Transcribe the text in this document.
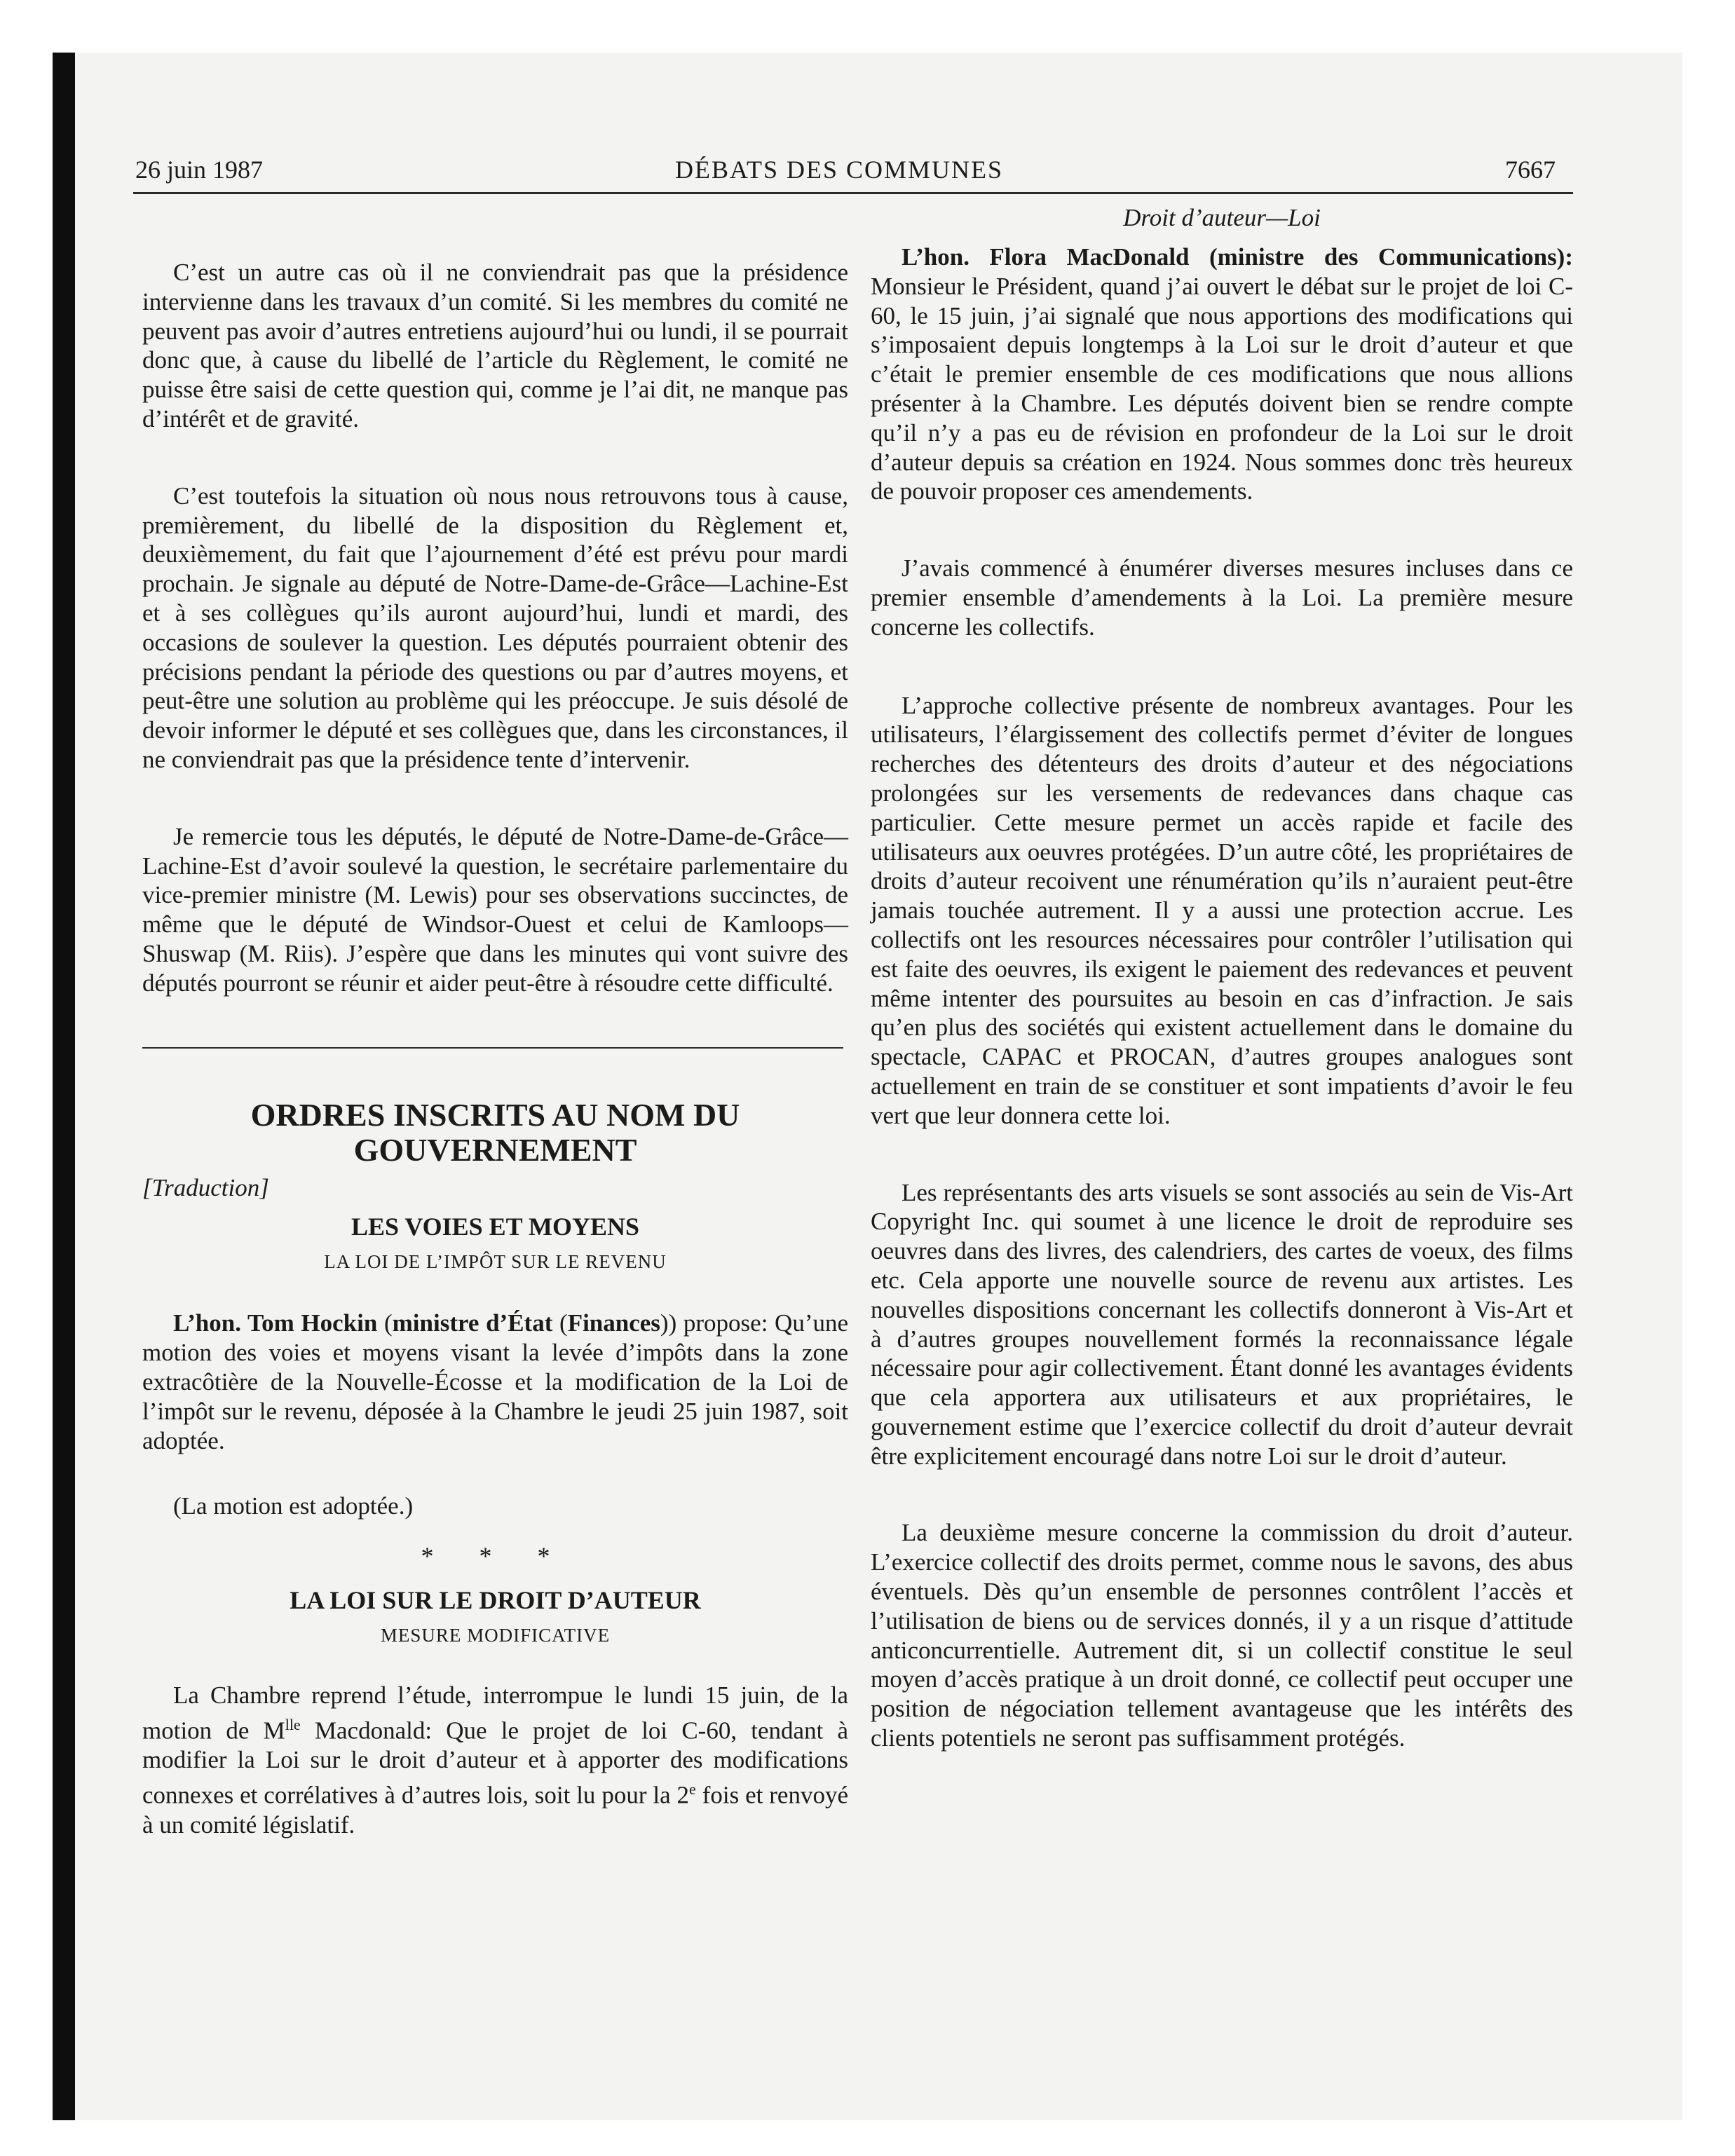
26 juin 1987	DÉBATS DES COMMUNES	7667

C’est un autre cas où il ne conviendrait pas que la présidence intervienne dans les travaux d’un comité. Si les membres du comité ne peuvent pas avoir d’autres entretiens aujourd’hui ou lundi, il se pourrait donc que, à cause du libellé de l’article du Règlement, le comité ne puisse être saisi de cette question qui, comme je l’ai dit, ne manque pas d’intérêt et de gravité.

C’est toutefois la situation où nous nous retrouvons tous à cause, premièrement, du libellé de la disposition du Règlement et, deuxièmement, du fait que l’ajournement d’été est prévu pour mardi prochain. Je signale au député de Notre-Dame-de-Grâce—Lachine-Est et à ses collègues qu’ils auront aujourd’hui, lundi et mardi, des occasions de soulever la question. Les députés pourraient obtenir des précisions pendant la période des questions ou par d’autres moyens, et peut-être une solution au problème qui les préoccupe. Je suis désolé de devoir informer le député et ses collègues que, dans les circonstances, il ne conviendrait pas que la présidence tente d’intervenir.

Je remercie tous les députés, le député de Notre-Dame-de-Grâce—Lachine-Est d’avoir soulevé la question, le secrétaire parlementaire du vice-premier ministre (M. Lewis) pour ses observations succinctes, de même que le député de Windsor-Ouest et celui de Kamloops—Shuswap (M. Riis). J’espère que dans les minutes qui vont suivre des députés pourront se réunir et aider peut-être à résoudre cette difficulté.

ORDRES INSCRITS AU NOM DU GOUVERNEMENT

[Traduction]

LES VOIES ET MOYENS
LA LOI DE L’IMPÔT SUR LE REVENU

L’hon. Tom Hockin (ministre d’État (Finances)) propose: Qu’une motion des voies et moyens visant la levée d’impôts dans la zone extracôtière de la Nouvelle-Écosse et la modification de la Loi de l’impôt sur le revenu, déposée à la Chambre le jeudi 25 juin 1987, soit adoptée.

(La motion est adoptée.)

* * *
LA LOI SUR LE DROIT D’AUTEUR
MESURE MODIFICATIVE

La Chambre reprend l’étude, interrompue le lundi 15 juin, de la motion de $M^{lle}$ Macdonald: Que le projet de loi C-60, tendant à modifier la Loi sur le droit d’auteur et à apporter des modifications connexes et corrélatives à d’autres lois, soit lu pour la 2e fois et renvoyé à un comité législatif.

Droit d’auteur—Loi

L’hon. Flora MacDonald (ministre des Communications): Monsieur le Président, quand j’ai ouvert le débat sur le projet de loi C-60, le 15 juin, j’ai signalé que nous apportions des modifications qui s’imposaient depuis longtemps à la Loi sur le droit d’auteur et que c’était le premier ensemble de ces modifications que nous allions présenter à la Chambre. Les députés doivent bien se rendre compte qu’il n’y a pas eu de révision en profondeur de la Loi sur le droit d’auteur depuis sa création en 1924. Nous sommes donc très heureux de pouvoir proposer ces amendements.

J’avais commencé à énumérer diverses mesures incluses dans ce premier ensemble d’amendements à la Loi. La première mesure concerne les collectifs.

L’approche collective présente de nombreux avantages. Pour les utilisateurs, l’élargissement des collectifs permet d’éviter de longues recherches des détenteurs des droits d’auteur et des négociations prolongées sur les versements de redevances dans chaque cas particulier. Cette mesure permet un accès rapide et facile des utilisateurs aux oeuvres protégées. D’un autre côté, les propriétaires de droits d’auteur recoivent une rénumération qu’ils n’auraient peut-être jamais touchée autrement. Il y a aussi une protection accrue. Les collectifs ont les resources nécessaires pour contrôler l’utilisation qui est faite des oeuvres, ils exigent le paiement des redevances et peuvent même intenter des poursuites au besoin en cas d’infraction. Je sais qu’en plus des sociétés qui existent actuellement dans le domaine du spectacle, CAPAC et PROCAN, d’autres groupes analogues sont actuellement en train de se constituer et sont impatients d’avoir le feu vert que leur donnera cette loi.

Les représentants des arts visuels se sont associés au sein de Vis-Art Copyright Inc. qui soumet à une licence le droit de reproduire ses oeuvres dans des livres, des calendriers, des cartes de voeux, des films etc. Cela apporte une nouvelle source de revenu aux artistes. Les nouvelles dispositions concernant les collectifs donneront à Vis-Art et à d’autres groupes nouvellement formés la reconnaissance légale nécessaire pour agir collectivement. Étant donné les avantages évidents que cela apportera aux utilisateurs et aux propriétaires, le gouvernement estime que l’exercice collectif du droit d’auteur devrait être explicitement encouragé dans notre Loi sur le droit d’auteur.

La deuxième mesure concerne la commission du droit d’auteur. L’exercice collectif des droits permet, comme nous le savons, des abus éventuels. Dès qu’un ensemble de personnes contrôlent l’accès et l’utilisation de biens ou de services donnés, il y a un risque d’attitude anticoncurrentielle. Autrement dit, si un collectif constitue le seul moyen d’accès pratique à un droit donné, ce collectif peut occuper une position de négociation tellement avantageuse que les intérêts des clients potentiels ne seront pas suffisamment protégés.
